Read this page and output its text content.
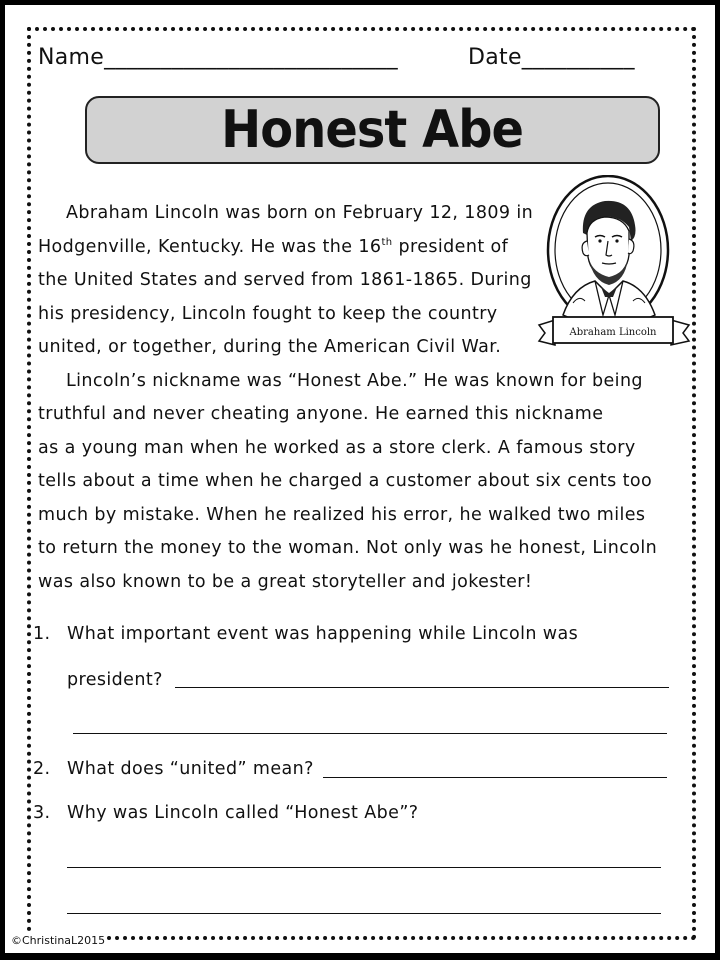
Name__________________________	Date__________
Honest Abe
Abraham Lincoln
Abraham Lincoln was born on February 12, 1809 in
Hodgenville, Kentucky. He was the 16th president of
the United States and served from 1861-1865. During
his presidency, Lincoln fought to keep the country
united, or together, during the American Civil War.
Lincoln’s nickname was “Honest Abe.” He was known for being
truthful and never cheating anyone. He earned this nickname
as a young man when he worked as a store clerk. A famous story
tells about a time when he charged a customer about six cents too
much by mistake. When he realized his error, he walked two miles
to return the money to the woman. Not only was he honest, Lincoln
was also known to be a great storyteller and jokester!
1. What important event was happening while Lincoln was
president?
2. What does “united” mean?
3. Why was Lincoln called “Honest Abe”?
©ChristinaL2015
